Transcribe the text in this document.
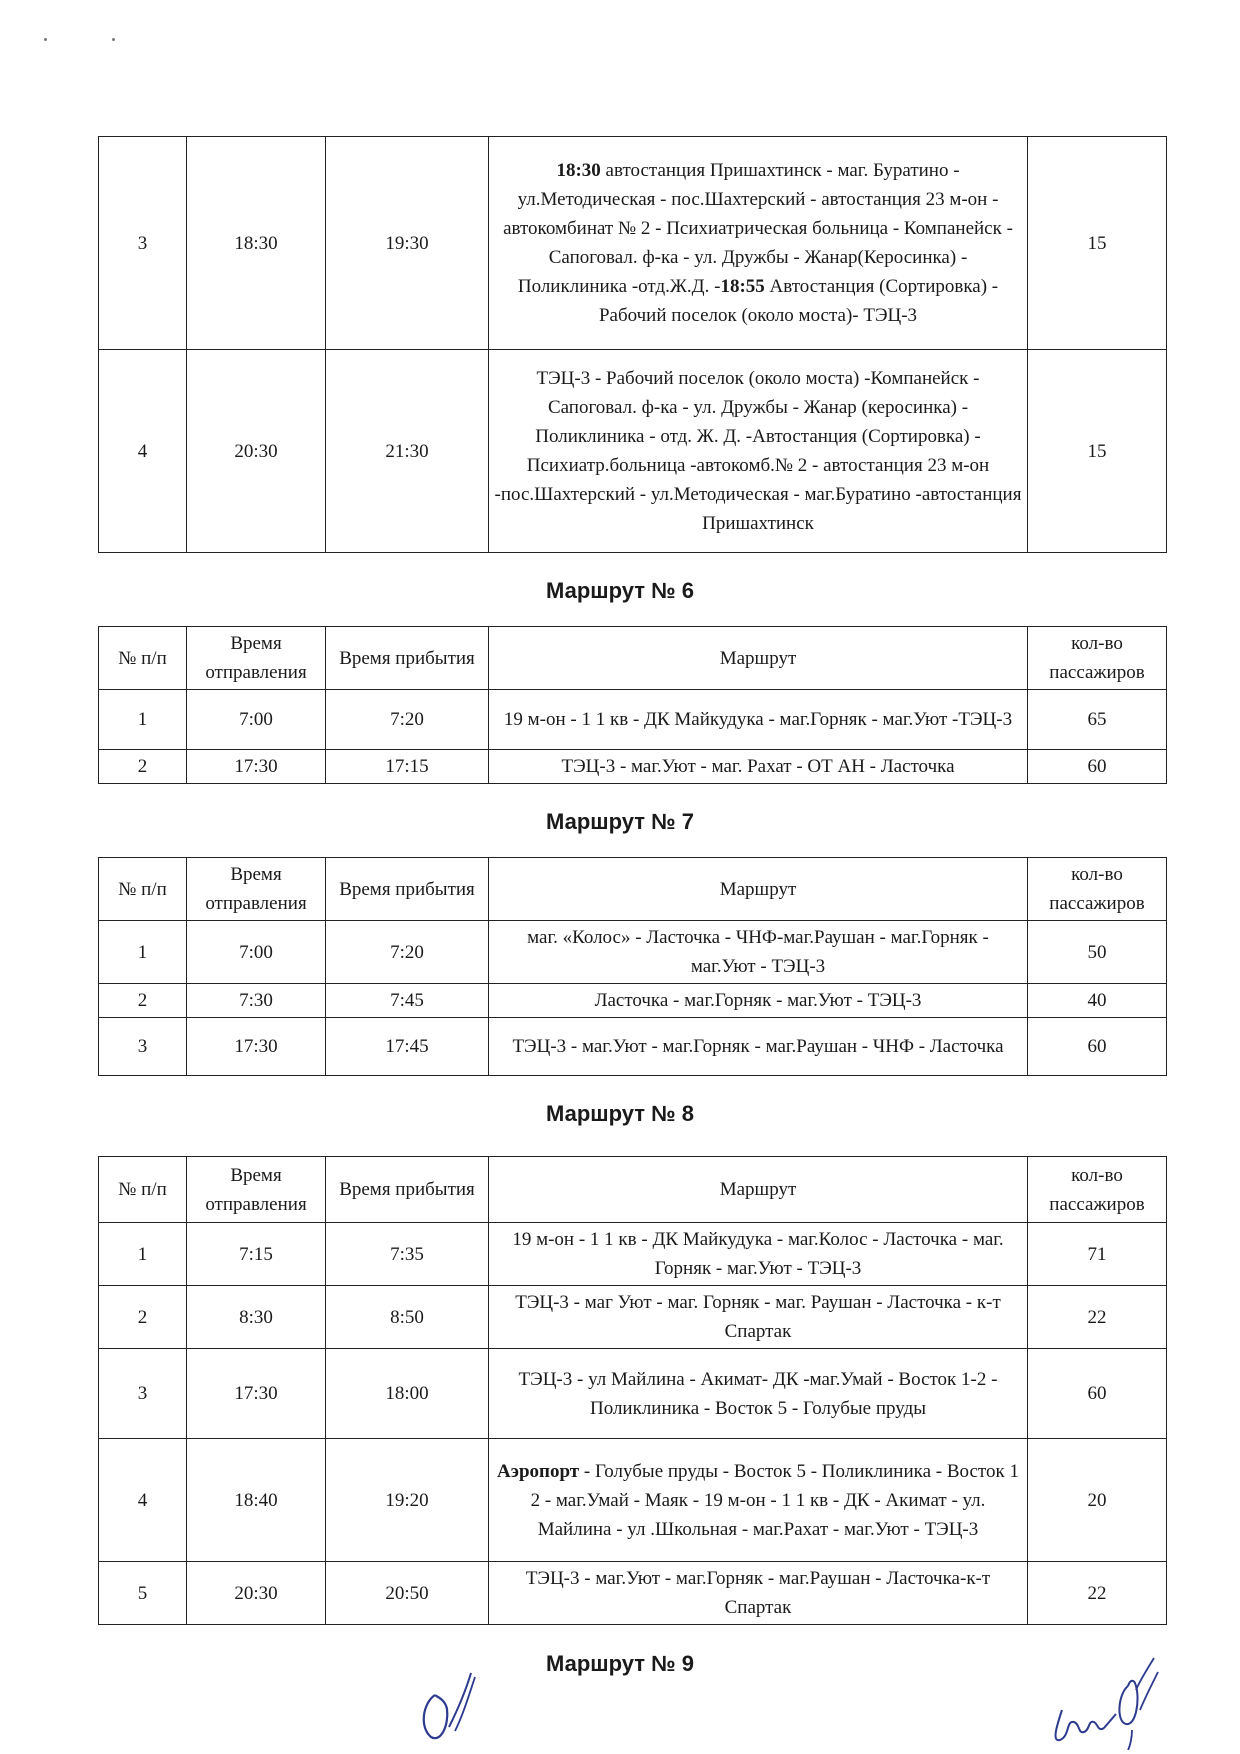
3	18:30	19:30	18:30 автостанция Пришахтинск - маг. Буратино - ул.Методическая - пос.Шахтерский - автостанция 23 м-он - автокомбинат № 2 - Психиатрическая больница - Компанейск - Сапоговал. ф-ка - ул. Дружбы - Жанар(Керосинка) - Поликлиника -отд.Ж.Д. -18:55 Автостанция (Сортировка) - Рабочий поселок (около моста)- ТЭЦ-3	15
4	20:30	21:30	ТЭЦ-3 - Рабочий поселок (около моста) -Компанейск - Сапоговал. ф-ка - ул. Дружбы - Жанар (керосинка) - Поликлиника - отд. Ж. Д. -Автостанция (Сортировка) - Психиатр.больница -автокомб.№ 2 - автостанция 23 м-он -пос.Шахтерский - ул.Методическая - маг.Буратино -автостанция Пришахтинск	15
Маршрут № 6
№ п/п	Время отправления	Время прибытия	Маршрут	кол-во пассажиров
1	7:00	7:20	19 м-он - 1 1 кв - ДК Майкудука - маг.Горняк - маг.Уют -ТЭЦ-3	65
2	17:30	17:15	ТЭЦ-3 - маг.Уют - маг. Рахат - ОТ АН - Ласточка	60
Маршрут № 7
№ п/п	Время отправления	Время прибытия	Маршрут	кол-во пассажиров
1	7:00	7:20	маг. «Колос» - Ласточка - ЧНФ-маг.Раушан - маг.Горняк - маг.Уют - ТЭЦ-3	50
2	7:30	7:45	Ласточка - маг.Горняк - маг.Уют - ТЭЦ-3	40
3	17:30	17:45	ТЭЦ-3 - маг.Уют - маг.Горняк - маг.Раушан - ЧНФ - Ласточка	60
Маршрут № 8
№ п/п	Время отправления	Время прибытия	Маршрут	кол-во пассажиров
1	7:15	7:35	19 м-он - 1 1 кв - ДК Майкудука - маг.Колос - Ласточка - маг. Горняк - маг.Уют - ТЭЦ-3	71
2	8:30	8:50	ТЭЦ-3 - маг Уют - маг. Горняк - маг. Раушан - Ласточка - к-т Спартак	22
3	17:30	18:00	ТЭЦ-3 - ул Майлина - Акимат- ДК -маг.Умай - Восток 1-2 - Поликлиника - Восток 5 - Голубые пруды	60
4	18:40	19:20	Аэропорт - Голубые пруды - Восток 5 - Поликлиника - Восток 1 2 - маг.Умай - Маяк - 19 м-он - 1 1 кв - ДК - Акимат - ул. Майлина - ул .Школьная - маг.Рахат - маг.Уют - ТЭЦ-3	20
5	20:30	20:50	ТЭЦ-3 - маг.Уют - маг.Горняк - маг.Раушан - Ласточка-к-т Спартак	22
Маршрут № 9
